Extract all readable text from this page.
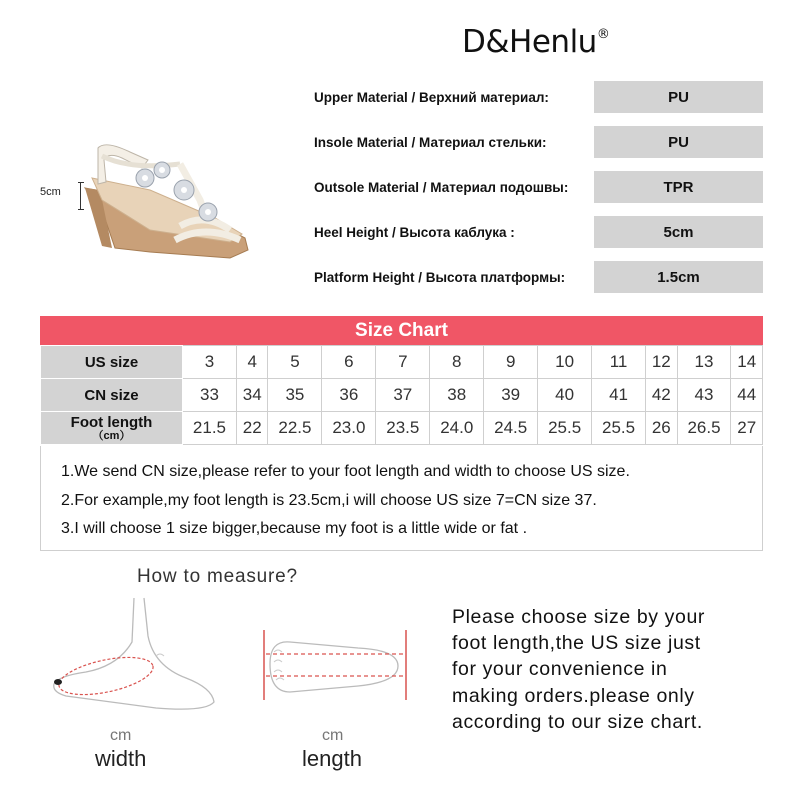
D&Henlu®
5cm
Upper Material / Верхний материал:	PU
Insole Material / Материал стельки:	PU
Outsole Material / Материал подошвы:	TPR
Heel Height / Высота каблука :	5cm
Platform Height / Высота платформы:	1.5cm
Size Chart
US size	3	4	5	6	7	8	9	10	11	12	13	14
CN size	33	34	35	36	37	38	39	40	41	42	43	44

Foot length
（cm）	21.5	22	22.5	23.0	23.5	24.0	24.5	25.5	25.5	26	26.5	27

1.We send CN size,please refer to your foot length and width to choose US size.

2.For example,my foot length is 23.5cm,i will choose US size 7=CN size 37.

3.I will choose 1 size bigger,because my foot is a little wide or fat .

How to measure?
cm
width
cm
length
Please choose size by your
foot length,the US size just
for your convenience in
making orders.please only
according to our size chart.
